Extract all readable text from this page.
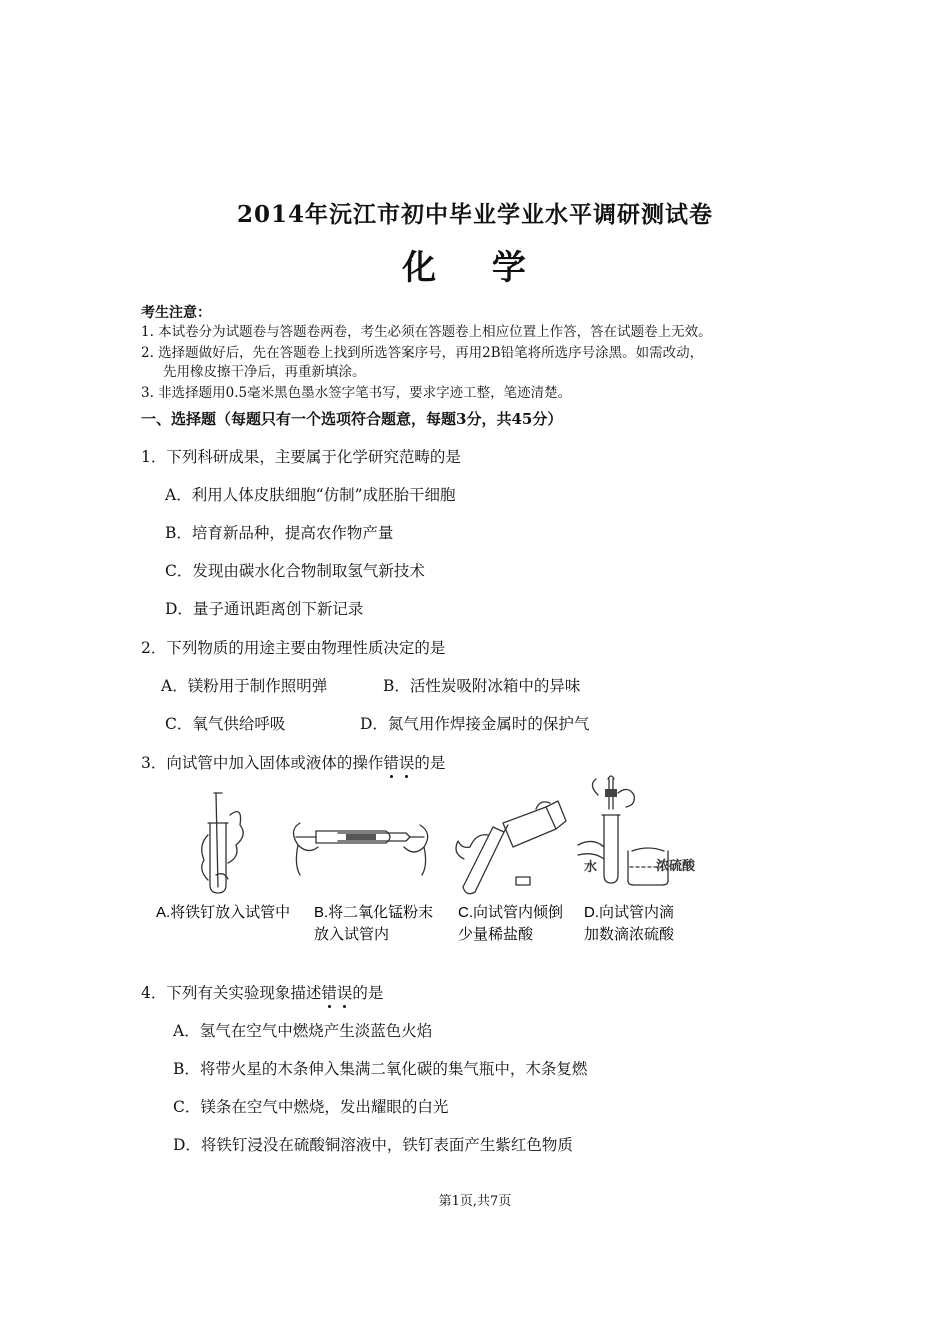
2014年沅江市初中毕业学业水平调研测试卷
化 学
考生注意：
1. 本试卷分为试题卷与答题卷两卷，考生必须在答题卷上相应位置上作答，答在试题卷上无效。
2. 选择题做好后，先在答题卷上找到所选答案序号，再用2B铅笔将所选序号涂黑。如需改动，
先用橡皮擦干净后，再重新填涂。
3. 非选择题用0.5毫米黑色墨水签字笔书写，要求字迹工整，笔迹清楚。
一、选择题（每题只有一个选项符合题意，每题3分，共45分）
1．下列科研成果，主要属于化学研究范畴的是
A．利用人体皮肤细胞“仿制”成胚胎干细胞
B．培育新品种，提高农作物产量
C．发现由碳水化合物制取氢气新技术
D．量子通讯距离创下新记录
2．下列物质的用途主要由物理性质决定的是
A．镁粉用于制作照明弹	B．活性炭吸附冰箱中的异味
C．氧气供给呼吸	D．氮气用作焊接金属时的保护气
3．向试管中加入固体或液体的操作错误的是
水	浓硫酸
A.将铁钉放入试管中 B.将二氧化锰粉末
放入试管内
C.向试管内倾倒
少量稀盐酸
D.向试管内滴
加数滴浓硫酸
4．下列有关实验现象描述错误的是
A．氢气在空气中燃烧产生淡蓝色火焰
B．将带火星的木条伸入集满二氧化碳的集气瓶中，木条复燃
C．镁条在空气中燃烧，发出耀眼的白光
D．将铁钉浸没在硫酸铜溶液中，铁钉表面产生紫红色物质
第1页,共7页
